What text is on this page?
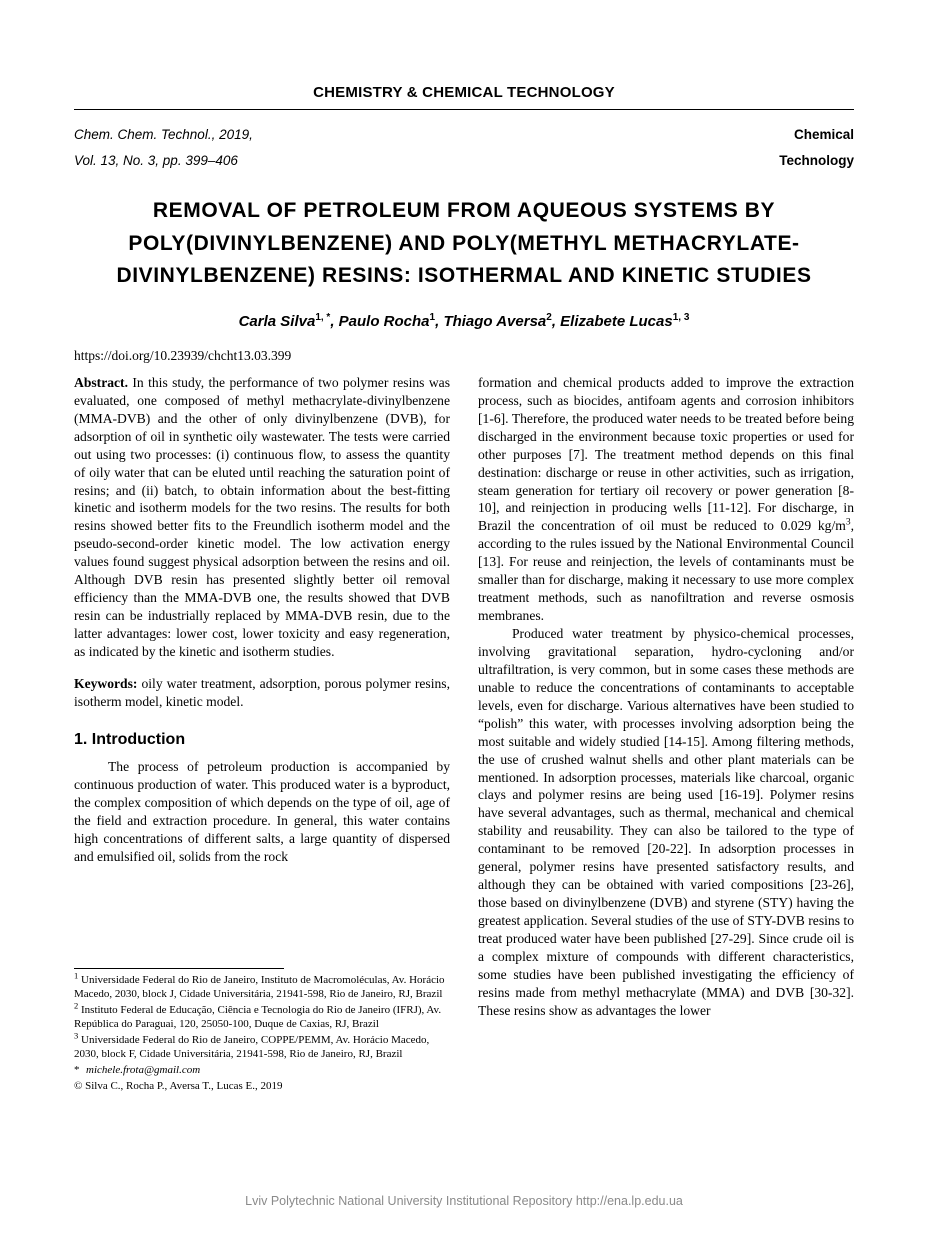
CHEMISTRY & CHEMICAL TECHNOLOGY
Chem. Chem. Technol., 2019,	Chemical
Vol. 13, No. 3, pp. 399–406	Technology
REMOVAL OF PETROLEUM FROM AQUEOUS SYSTEMS BY
POLY(DIVINYLBENZENE) AND POLY(METHYL METHACRYLATE-
DIVINYLBENZENE) RESINS: ISOTHERMAL AND KINETIC STUDIES
Carla Silva$^{1, *}$, Paulo Rocha$^1$, Thiago Aversa$^2$, Elizabete Lucas$^{1, 3}$
https://doi.org/10.23939/chcht13.03.399

Abstract. In this study, the performance of two polymer resins was evaluated, one composed of methyl methacrylate-divinylbenzene (MMA-DVB) and the other of only divinylbenzene (DVB), for adsorption of oil in synthetic oily wastewater. The tests were carried out using two processes: (i) continuous flow, to assess the quantity of oily water that can be eluted until reaching the saturation point of resins; and (ii) batch, to obtain information about the best-fitting kinetic and isotherm models for the two resins. The results for both resins showed better fits to the Freundlich isotherm model and the pseudo-second-order kinetic model. The low activation energy values found suggest physical adsorption between the resins and oil. Although DVB resin has presented slightly better oil removal efficiency than the MMA-DVB one, the results showed that DVB resin can be industrially replaced by MMA-DVB resin, due to the latter advantages: lower cost, lower toxicity and easy regeneration, as indicated by the kinetic and isotherm studies.

Keywords: oily water treatment, adsorption, porous polymer resins, isotherm model, kinetic model.

1. Introduction

The process of petroleum production is accompanied by continuous production of water. This produced water is a byproduct, the complex composition of which depends on the type of oil, age of the field and extraction procedure. In general, this water contains high concentrations of different salts, a large quantity of dispersed and emulsified oil, solids from the rock

$^1$ Universidade Federal do Rio de Janeiro, Instituto de Macromoléculas, Av. Horácio Macedo, 2030, block J, Cidade Universitária, 21941-598, Rio de Janeiro, RJ, Brazil
$^2$ Instituto Federal de Educação, Ciência e Tecnologia do Rio de Janeiro (IFRJ), Av. República do Paraguai, 120, 25050-100, Duque de Caxias, RJ, Brazil
$^3$ Universidade Federal do Rio de Janeiro, COPPE/PEMM, Av. Horácio Macedo, 2030, block F, Cidade Universitária, 21941-598, Rio de Janeiro, RJ, Brazil
* michele.frota@gmail.com
© Silva C., Rocha P., Aversa T., Lucas E., 2019

formation and chemical products added to improve the extraction process, such as biocides, antifoam agents and corrosion inhibitors [1-6]. Therefore, the produced water needs to be treated before being discharged in the environment because toxic properties or used for other purposes [7]. The treatment method depends on this final destination: discharge or reuse in other activities, such as irrigation, steam generation for tertiary oil recovery or power generation [8-10], and reinjection in producing wells [11-12]. For discharge, in Brazil the concentration of oil must be reduced to 0.029 $kg/m^3$, according to the rules issued by the National Environmental Council [13]. For reuse and reinjection, the levels of contaminants must be smaller than for discharge, making it necessary to use more complex treatment methods, such as nanofiltration and reverse osmosis membranes.

Produced water treatment by physico-chemical processes, involving gravitational separation, hydro-cycloning and/or ultrafiltration, is very common, but in some cases these methods are unable to reduce the concentrations of contaminants to acceptable levels, even for discharge. Various alternatives have been studied to “polish” this water, with processes involving adsorption being the most suitable and widely studied [14-15]. Among filtering methods, the use of crushed walnut shells and other plant materials can be mentioned. In adsorption processes, materials like charcoal, organic clays and polymer resins are being used [16-19]. Polymer resins have several advantages, such as thermal, mechanical and chemical stability and reusability. They can also be tailored to the type of contaminant to be removed [20-22]. In adsorption processes in general, polymer resins have presented satisfactory results, and although they can be obtained with varied compositions [23-26], those based on divinylbenzene (DVB) and styrene (STY) having the greatest application. Several studies of the use of STY-DVB resins to treat produced water have been published [27-29]. Since crude oil is a complex mixture of compounds with different characteristics, some studies have been published investigating the efficiency of resins made from methyl methacrylate (MMA) and DVB [30-32]. These resins show as advantages the lower

Lviv Polytechnic National University Institutional Repository http://ena.lp.edu.ua
